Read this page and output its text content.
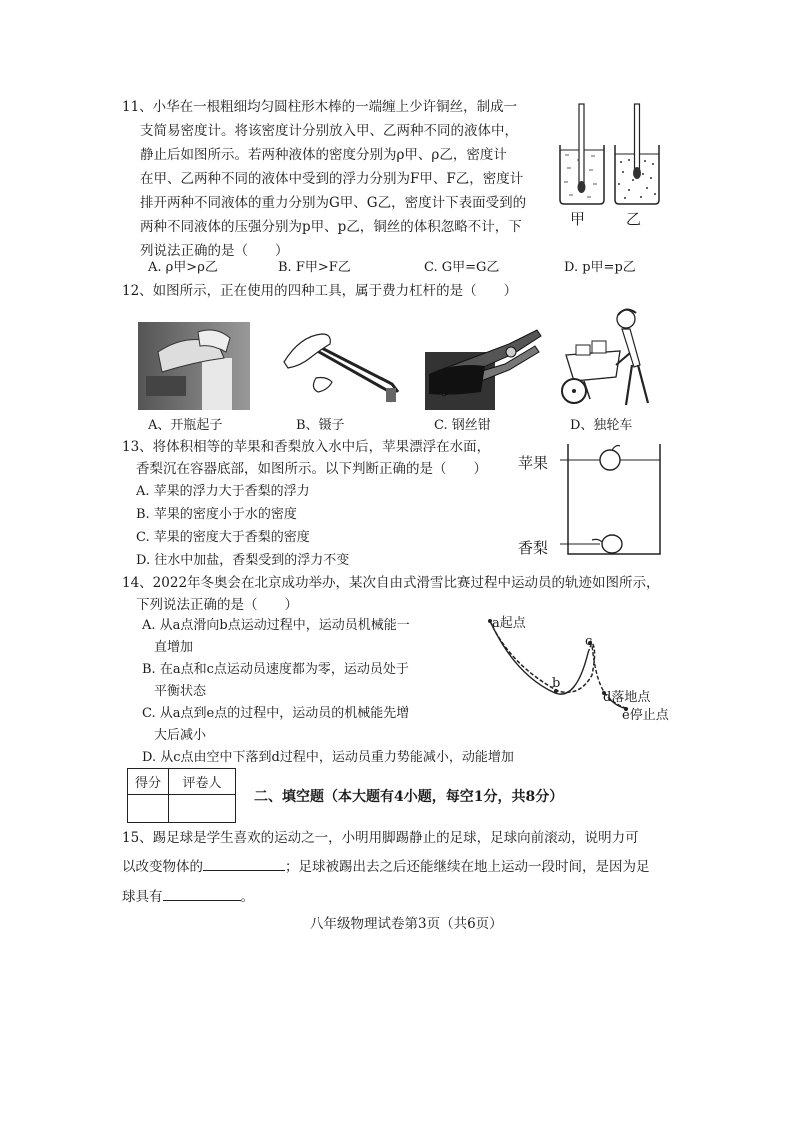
11、小华在一根粗细均匀圆柱形木棒的一端缠上少许铜丝，制成一
支简易密度计。将该密度计分别放入甲、乙两种不同的液体中，
静止后如图所示。若两种液体的密度分别为ρ甲、ρ乙，密度计
在甲、乙两种不同的液体中受到的浮力分别为F甲、F乙，密度计
排开两种不同液体的重力分别为G甲、G乙，密度计下表面受到的
两种不同液体的压强分别为p甲、p乙，铜丝的体积忽略不计，下
列说法正确的是（　　）
甲	乙
A. ρ甲>ρ乙	B. F甲>F乙	C. G甲=G乙	D. p甲=p乙
12、如图所示，正在使用的四种工具，属于费力杠杆的是（　　）
A、开瓶起子	B、镊子	C. 钢丝钳	D、独轮车
13、将体积相等的苹果和香梨放入水中后，苹果漂浮在水面，
香梨沉在容器底部，如图所示。以下判断正确的是（　　）
A. 苹果的浮力大于香梨的浮力
B. 苹果的密度小于水的密度
C. 苹果的密度大于香梨的密度
D. 往水中加盐，香梨受到的浮力不变
苹果
香梨
14、2022年冬奥会在北京成功举办，某次自由式滑雪比赛过程中运动员的轨迹如图所示，
下列说法正确的是（　　）
A. 从a点滑向b点运动过程中，运动员机械能一
直增加
B. 在a点和c点运动员速度都为零，运动员处于
平衡状态
C. 从a点到e点的过程中，运动员的机械能先增
大后减小
D. 从c点由空中下落到d过程中，运动员重力势能减小，动能增加
a起点
b
c
d落地点
e停止点
得分	评卷人

二、填空题（本大题有4小题，每空1分，共8分）
15、踢足球是学生喜欢的运动之一，小明用脚踢静止的足球，足球向前滚动，说明力可
以改变物体的	；足球被踢出去之后还能继续在地上运动一段时间，是因为足
球具有	。
八年级物理试卷第3页（共6页）
